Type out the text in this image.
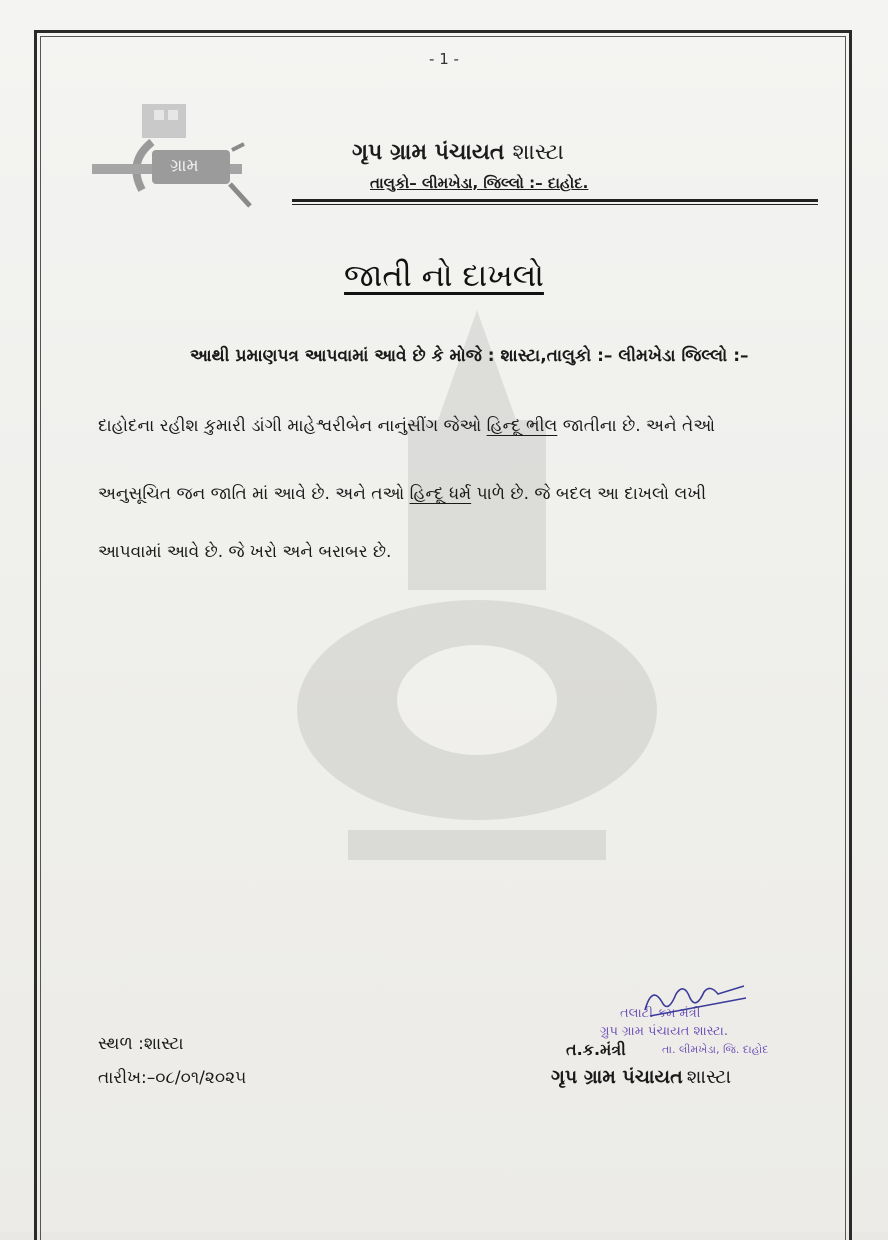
- 1 -
ગ્રામ
ગૃપ ગ્રામ પંચાયત શાસ્ટા
તાલુકો– લીમખેડા, જિલ્લો :– દાહોદ.
જાતી નો દાખલો
આથી પ્રમાણપત્ર આપવામાં આવે છે કે મોજે : શાસ્ટા,તાલુકો :– લીમખેડા જિલ્લો :–
દાહોદના રહીશ કુમારી ડાંગી માહેશ્વરીબેન નાનુંસીંગ જેઓ હિન્દૂ ભીલ જાતીના છે. અને તેઓ
અનુસૂચિત જન જાતિ માં આવે છે. અને તઓ હિન્દૂ ધર્મ પાળે છે. જે બદલ આ દાખલો લખી
આપવામાં આવે છે. જે ખરો અને બરાબર છે.
સ્થળ :શાસ્ટા
તારીખ:–૦૮/૦૧/૨૦૨૫
તલાટી કમ મંત્રી
ગ્રુપ ગ્રામ પંચાયત શાસ્ટા.
તા. લીમખેડા, જિ. દાહોદ
ત.ક.મંત્રી
ગૃપ ગ્રામ પંચાયત શાસ્ટા
